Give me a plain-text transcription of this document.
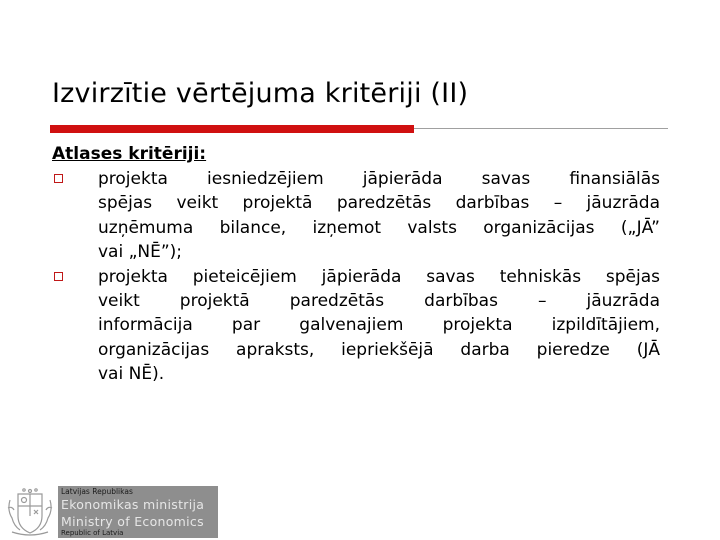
Izvirzītie vērtējuma kritēriji (II)

Atlases kritēriji:

projekta iesniedzējiem jāpierāda savas finansiālās
spējas veikt projektā paredzētās darbības – jāuzrāda
uzņēmuma bilance, izņemot valsts organizācijas („JĀ”
vai „NĒ”);

projekta pieteicējiem jāpierāda savas tehniskās spējas
veikt projektā paredzētās darbības – jāuzrāda
informācija par galvenajiem projekta izpildītājiem,
organizācijas apraksts, iepriekšējā darba pieredze (JĀ
vai NĒ).

Latvijas Republikas
Ekonomikas ministrija
Ministry of Economics
Republic of Latvia
